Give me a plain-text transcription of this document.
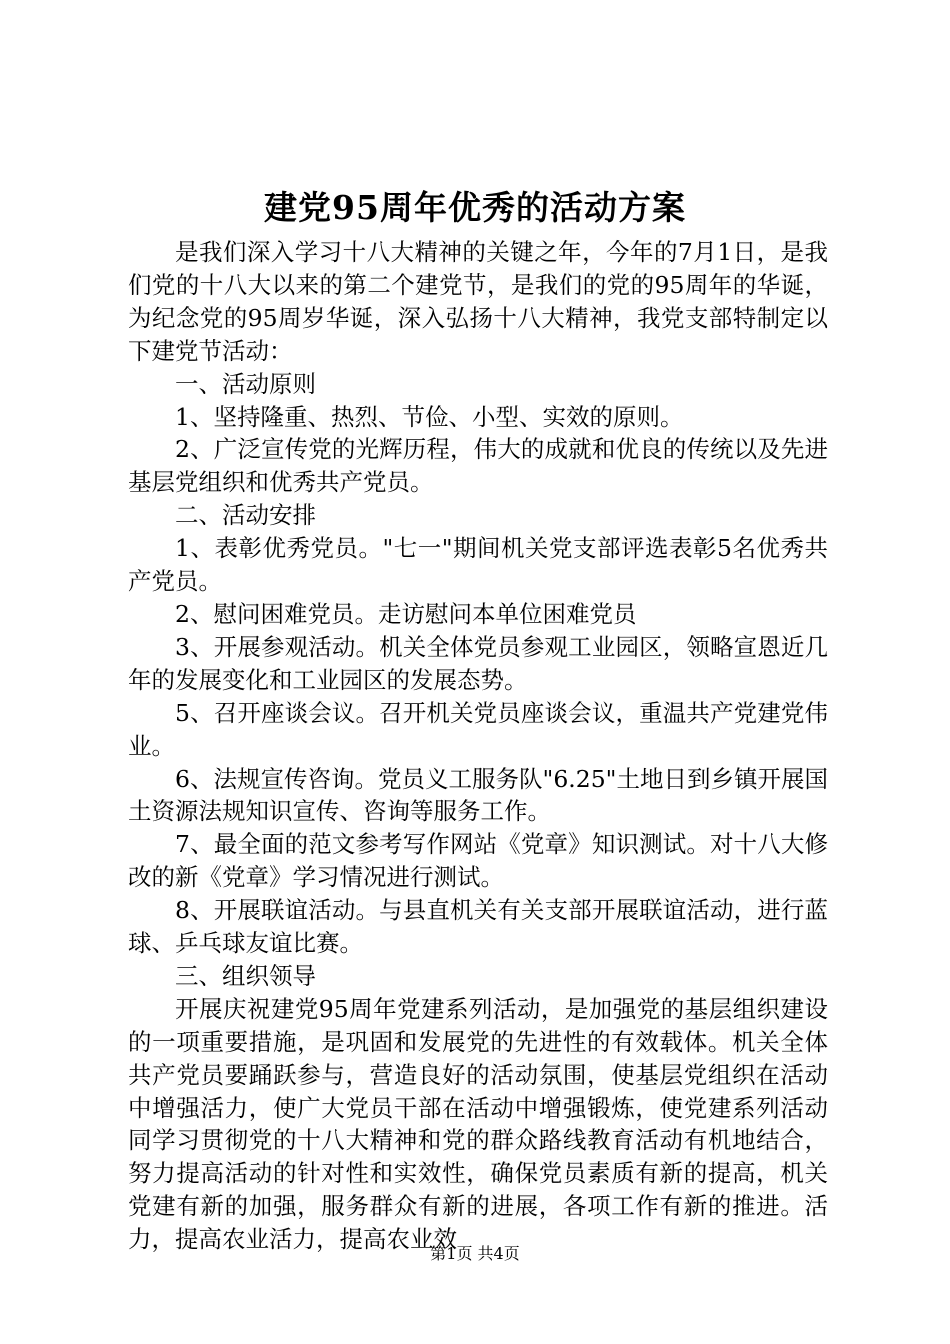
建党95周年优秀的活动方案

是我们深入学习十八大精神的关键之年，今年的7月1日，是我们党的十八大以来的第二个建党节，是我们的党的95周年的华诞，为纪念党的95周岁华诞，深入弘扬十八大精神，我党支部特制定以下建党节活动：

一、活动原则

1、坚持隆重、热烈、节俭、小型、实效的原则。

2、广泛宣传党的光辉历程，伟大的成就和优良的传统以及先进基层党组织和优秀共产党员。

二、活动安排

1、表彰优秀党员。"七一"期间机关党支部评选表彰5名优秀共产党员。

2、慰问困难党员。走访慰问本单位困难党员

3、开展参观活动。机关全体党员参观工业园区，领略宣恩近几年的发展变化和工业园区的发展态势。

5、召开座谈会议。召开机关党员座谈会议，重温共产党建党伟业。

6、法规宣传咨询。党员义工服务队"6.25"土地日到乡镇开展国土资源法规知识宣传、咨询等服务工作。

7、最全面的范文参考写作网站《党章》知识测试。对十八大修改的新《党章》学习情况进行测试。

8、开展联谊活动。与县直机关有关支部开展联谊活动，进行蓝球、乒乓球友谊比赛。

三、组织领导

开展庆祝建党95周年党建系列活动，是加强党的基层组织建设的一项重要措施，是巩固和发展党的先进性的有效载体。机关全体共产党员要踊跃参与，营造良好的活动氛围，使基层党组织在活动中增强活力，使广大党员干部在活动中增强锻炼，使党建系列活动同学习贯彻党的十八大精神和党的群众路线教育活动有机地结合，努力提高活动的针对性和实效性，确保党员素质有新的提高，机关党建有新的加强，服务群众有新的进展，各项工作有新的推进。活力，提高农业活力，提高农业效

第1页 共4页
